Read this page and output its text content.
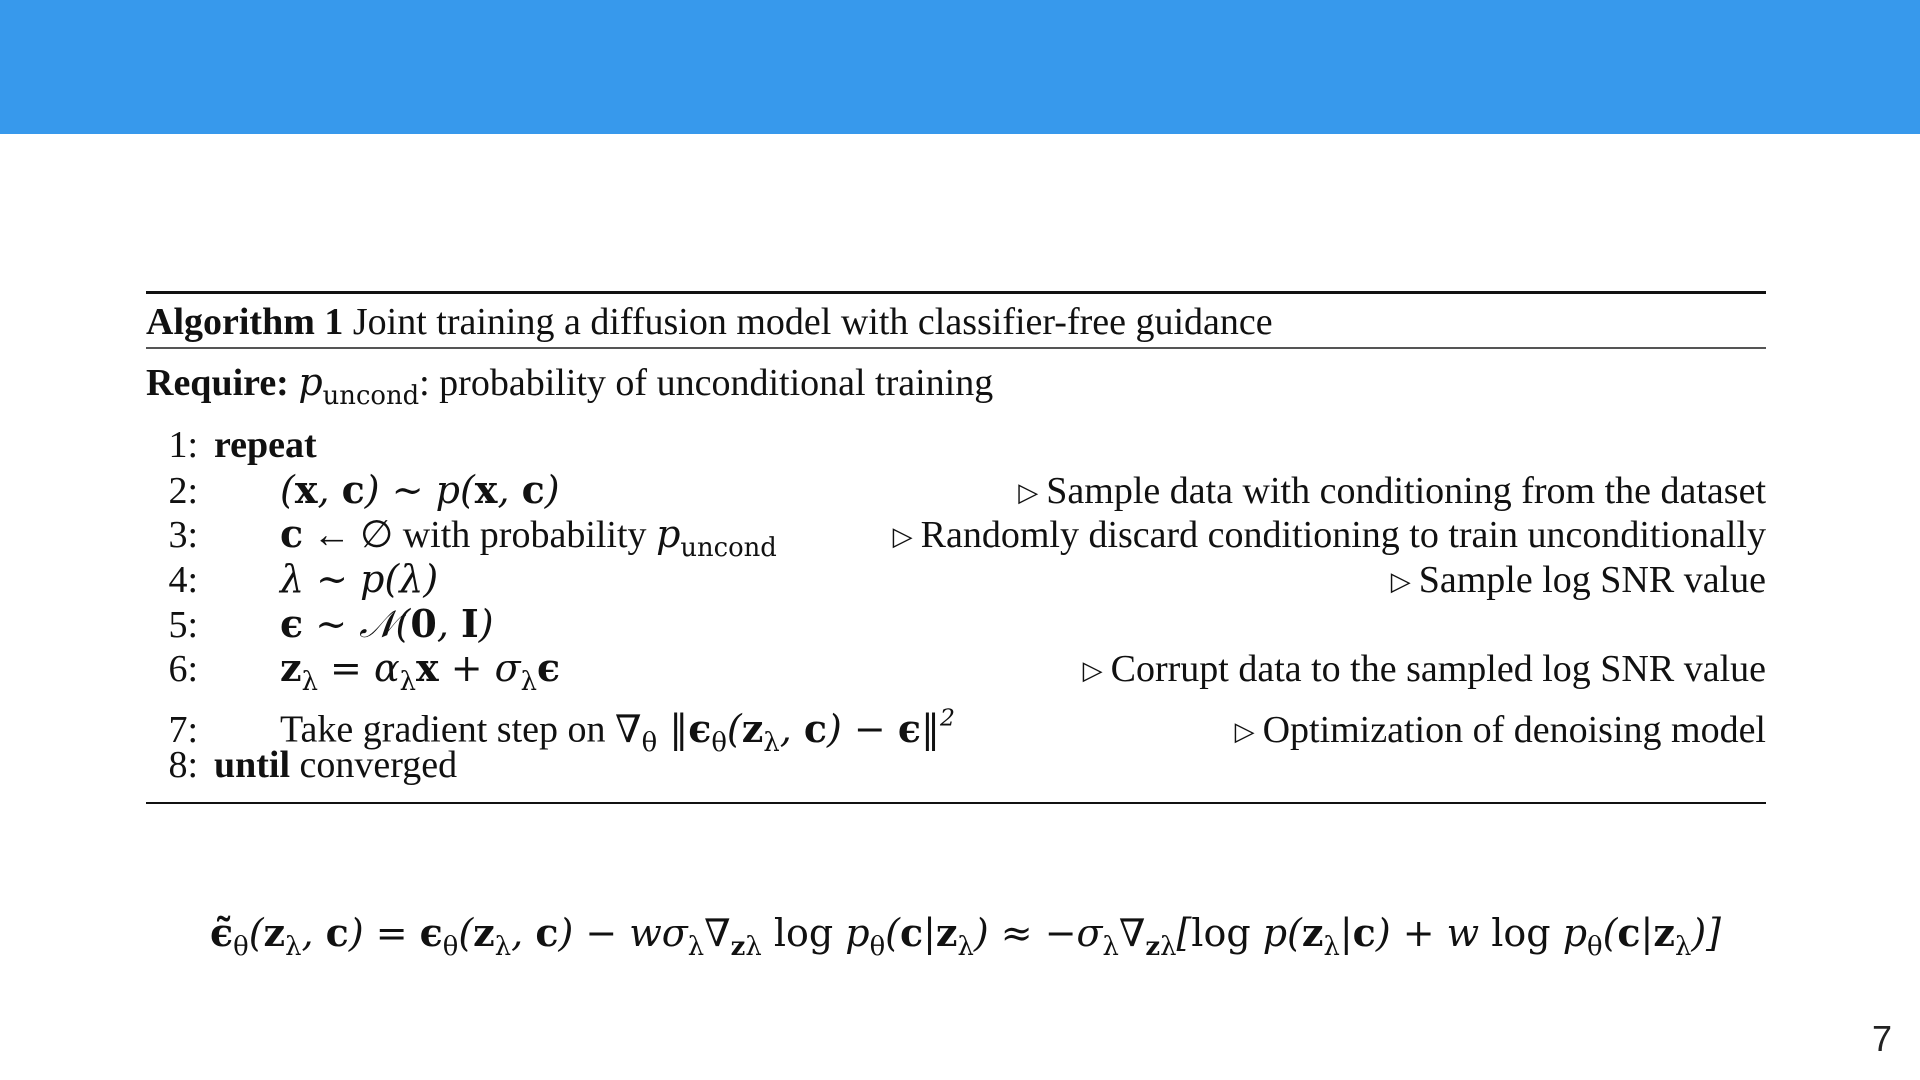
Algorithm 1 Joint training a diffusion model with classifier-free guidance
Require: $p_{uncond}$: probability of unconditional training
1: repeat
2:	(x, c) ∼ p(x, c)	▷ Sample data with conditioning from the dataset
3:	c ← ∅ with probability $p_{uncond}$	▷ Randomly discard conditioning to train unconditionally
4:	λ ∼ p(λ)	▷ Sample log SNR value
5:	ϵ ∼ 𝒩(0, I)
6:	$z_\lambda = \alpha_\lambda x + \sigma_\lambda\epsilon$	▷ Corrupt data to the sampled log SNR value
7:	Take gradient step on $\nabla_\theta$ $‖\epsilon_\theta(z_\lambda$, c) − ϵ‖$^2$	▷ Optimization of denoising model
8: until converged
$\epsiloñ_\theta(z_\lambda$, $c) = \epsilon_\theta(z_\lambda$, $c) - w\sigma_\lambda\nabla_{z\lambda}$ $\log p_\theta(c|z_\lambda) \approx -\sigma_\lambda\nabla_{z\lambda}[\log$ $p(z_\lambda|c) + w$ $\log p_\theta(c|z_\lambda)$]
7
